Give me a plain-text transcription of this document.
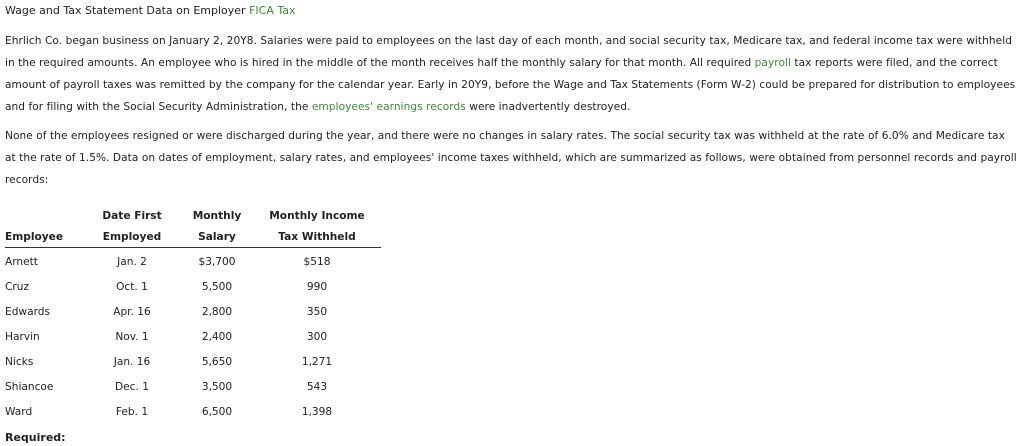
Wage and Tax Statement Data on Employer FICA Tax

Ehrlich Co. began business on January 2, 20Y8. Salaries were paid to employees on the last day of each month, and social security tax, Medicare tax, and federal income tax were withheld in the required amounts. An employee who is hired in the middle of the month receives half the monthly salary for that month. All required payroll tax reports were filed, and the correct amount of payroll taxes was remitted by the company for the calendar year. Early in 20Y9, before the Wage and Tax Statements (Form W-2) could be prepared for distribution to employees and for filing with the Social Security Administration, the employees' earnings records were inadvertently destroyed.

None of the employees resigned or were discharged during the year, and there were no changes in salary rates. The social security tax was withheld at the rate of 6.0% and Medicare tax at the rate of 1.5%. Data on dates of employment, salary rates, and employees' income taxes withheld, which are summarized as follows, were obtained from personnel records and payroll records:

	Date First	Monthly	Monthly Income
Employee	Employed	Salary	Tax Withheld
Arnett	Jan. 2	$3,700	$518
Cruz	Oct. 1	5,500	990
Edwards	Apr. 16	2,800	350
Harvin	Nov. 1	2,400	300
Nicks	Jan. 16	5,650	1,271
Shiancoe	Dec. 1	3,500	543
Ward	Feb. 1	6,500	1,398
Required:
